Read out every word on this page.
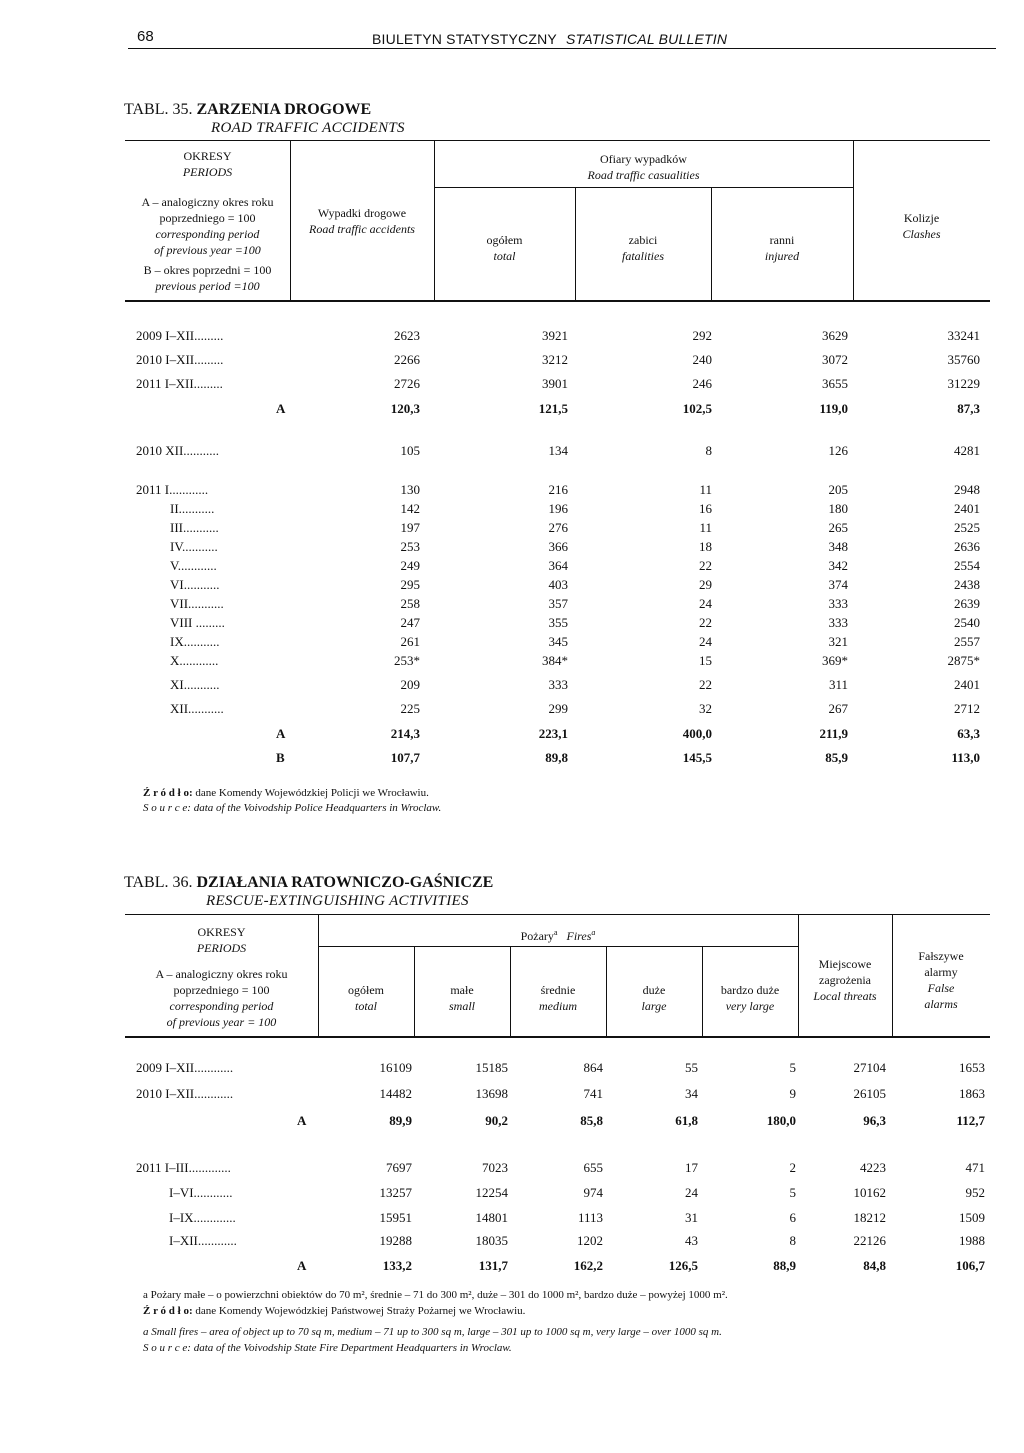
68	BIULETYN STATYSTYCZNY STATISTICAL BULLETIN
TABL. 35. ZARZENIA DROGOWE
ROAD TRAFFIC ACCIDENTS
OKRESY
PERIODS
A – analogiczny okres roku
poprzedniego = 100
corresponding period
of previous year =100
B – okres poprzedni = 100
previous period =100
Wypadki drogowe
Road traffic accidents
Ofiary wypadków
Road traffic casualities
ogółem
total
zabici
fatalities
ranni
injured
Kolizje
Clashes
2009 I–XII.........	2623	3921	292	3629	33241
2010 I–XII.........	2266	3212	240	3072	35760
2011 I–XII.........	2726	3901	246	3655	31229
A	120,3	121,5	102,5	119,0	87,3
2010 XII...........	105	134	8	126	4281
2011 I............	130	216	11	205	2948
II...........	142	196	16	180	2401
III...........	197	276	11	265	2525
IV...........	253	366	18	348	2636
V............	249	364	22	342	2554
VI...........	295	403	29	374	2438
VII...........	258	357	24	333	2639
VIII .........	247	355	22	333	2540
IX...........	261	345	24	321	2557
X............	253*	384*	15	369*	2875*
XI...........	209	333	22	311	2401
XII...........	225	299	32	267	2712
A	214,3	223,1	400,0	211,9	63,3
B	107,7	89,8	145,5	85,9	113,0
Ź r ó d ł o: dane Komendy Wojewódzkiej Policji we Wrocławiu.
S o u r c e: data of the Voivodship Police Headquarters in Wroclaw.
TABL. 36. DZIAŁANIA RATOWNICZO-GAŚNICZE
RESCUE-EXTINGUISHING ACTIVITIES
OKRESY
PERIODS
A – analogiczny okres roku
poprzedniego = 100
corresponding period
of previous year = 100
Pożary$^a$ Fires$^a$
ogółem
total
małe
small
średnie
medium
duże
large
bardzo duże
very large
Miejscowe
zagrożenia
Local threats
Fałszywe
alarmy
False
alarms
2009 I–XII............	16109	15185	864	55	5	27104	1653
2010 I–XII............	14482	13698	741	34	9	26105	1863
A	89,9	90,2	85,8	61,8	180,0	96,3	112,7
2011 I–III.............	7697	7023	655	17	2	4223	471
I–VI............	13257	12254	974	24	5	10162	952
I–IX.............	15951	14801	1113	31	6	18212	1509
I–XII............	19288	18035	1202	43	8	22126	1988
A	133,2	131,7	162,2	126,5	88,9	84,8	106,7
a Pożary małe – o powierzchni obiektów do 70 m², średnie – 71 do 300 m², duże – 301 do 1000 m², bardzo duże – powyżej 1000 m².
Ź r ó d ł o: dane Komendy Wojewódzkiej Państwowej Straży Pożarnej we Wrocławiu.
a Small fires – area of object up to 70 sq m, medium – 71 up to 300 sq m, large – 301 up to 1000 sq m, very large – over 1000 sq m.
S o u r c e: data of the Voivodship State Fire Department Headquarters in Wroclaw.
